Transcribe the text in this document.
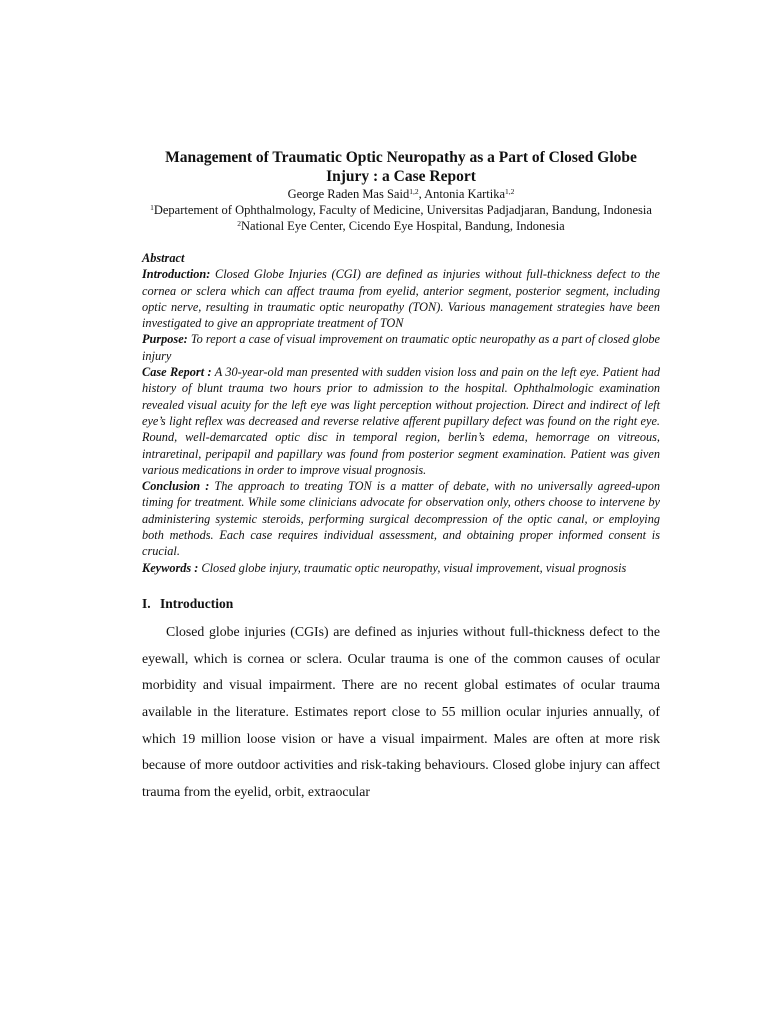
Management of Traumatic Optic Neuropathy as a Part of Closed Globe Injury : a Case Report

George Raden Mas Said$^{1,2}$, Antonia Kartika$^{1,2}$

$^1$Departement of Ophthalmology, Faculty of Medicine, Universitas Padjadjaran, Bandung, Indonesia

$^2$National Eye Center, Cicendo Eye Hospital, Bandung, Indonesia

Abstract

Introduction: Closed Globe Injuries (CGI) are defined as injuries without full-thickness defect to the cornea or sclera which can affect trauma from eyelid, anterior segment, posterior segment, including optic nerve, resulting in traumatic optic neuropathy (TON). Various management strategies have been investigated to give an appropriate treatment of TON

Purpose: To report a case of visual improvement on traumatic optic neuropathy as a part of closed globe injury

Case Report : A 30-year-old man presented with sudden vision loss and pain on the left eye. Patient had history of blunt trauma two hours prior to admission to the hospital. Ophthalmologic examination revealed visual acuity for the left eye was light perception without projection. Direct and indirect of left eye’s light reflex was decreased and reverse relative afferent pupillary defect was found on the right eye. Round, well-demarcated optic disc in temporal region, berlin’s edema, hemorrage on vitreous, intraretinal, peripapil and papillary was found from posterior segment examination. Patient was given various medications in order to improve visual prognosis.

Conclusion : The approach to treating TON is a matter of debate, with no universally agreed-upon timing for treatment. While some clinicians advocate for observation only, others choose to intervene by administering systemic steroids, performing surgical decompression of the optic canal, or employing both methods. Each case requires individual assessment, and obtaining proper informed consent is crucial.

Keywords : Closed globe injury, traumatic optic neuropathy, visual improvement, visual prognosis

I. Introduction

Closed globe injuries (CGIs) are defined as injuries without full-thickness defect to the eyewall, which is cornea or sclera. Ocular trauma is one of the common causes of ocular morbidity and visual impairment. There are no recent global estimates of ocular trauma available in the literature. Estimates report close to 55 million ocular injuries annually, of which 19 million loose vision or have a visual impairment. Males are often at more risk because of more outdoor activities and risk-taking behaviours. Closed globe injury can affect trauma from the eyelid, orbit, extraocular
